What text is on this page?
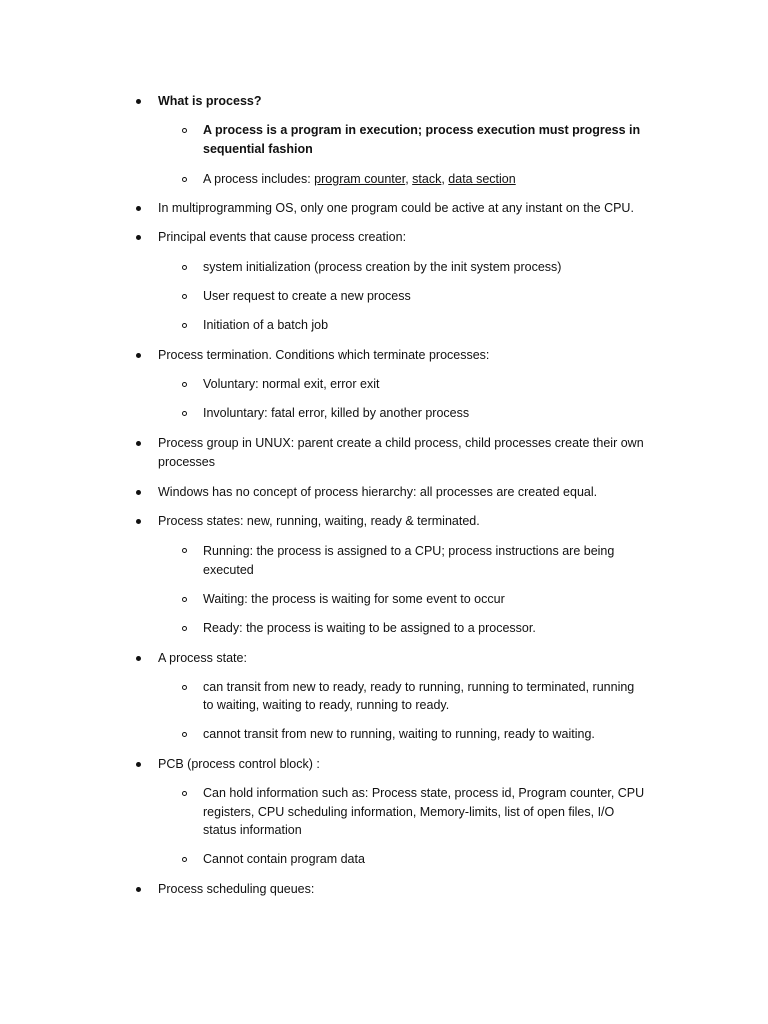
What is process?
A process is a program in execution; process execution must progress in
sequential fashion
A process includes: program counter, stack, data section
In multiprogramming OS, only one program could be active at any instant on the CPU.
Principal events that cause process creation:
system initialization (process creation by the init system process)
User request to create a new process
Initiation of a batch job
Process termination. Conditions which terminate processes:
Voluntary: normal exit, error exit
Involuntary: fatal error, killed by another process
Process group in UNUX: parent create a child process, child processes create their own
processes
Windows has no concept of process hierarchy: all processes are created equal.
Process states: new, running, waiting, ready & terminated.
Running: the process is assigned to a CPU; process instructions are being
executed
Waiting: the process is waiting for some event to occur
Ready: the process is waiting to be assigned to a processor.
A process state:
can transit from new to ready, ready to running, running to terminated, running
to waiting, waiting to ready, running to ready.
cannot transit from new to running, waiting to running, ready to waiting.
PCB (process control block) :
Can hold information such as: Process state, process id, Program counter, CPU
registers, CPU scheduling information, Memory-limits, list of open files, I/O
status information
Cannot contain program data
Process scheduling queues:
